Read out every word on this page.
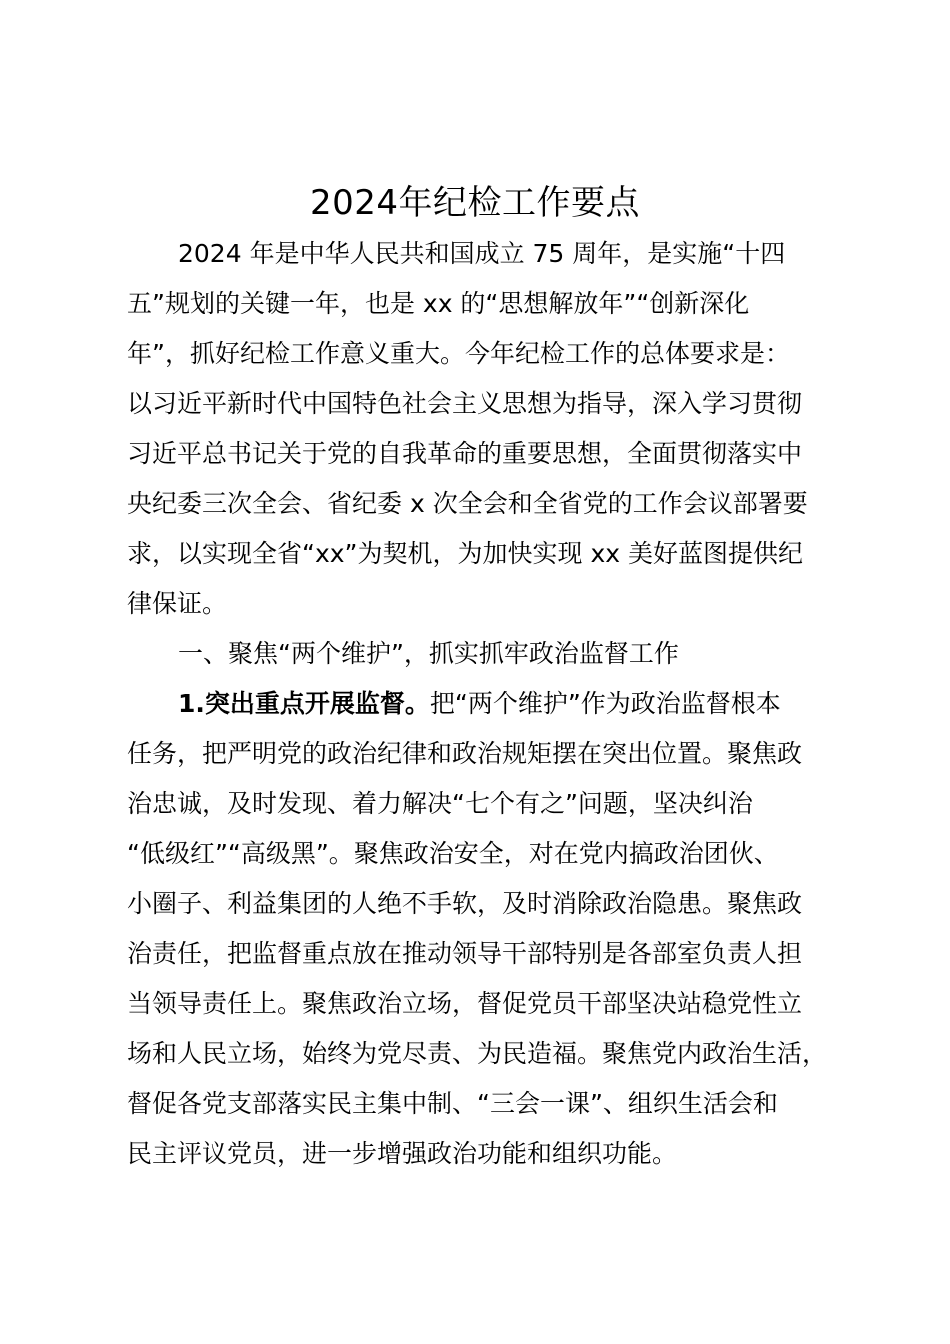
2024年纪检工作要点
2024 年是中华人民共和国成立 75 周年，是实施“十四
五”规划的关键一年，也是 xx 的“思想解放年”“创新深化
年”，抓好纪检工作意义重大。今年纪检工作的总体要求是：
以习近平新时代中国特色社会主义思想为指导，深入学习贯彻
习近平总书记关于党的自我革命的重要思想，全面贯彻落实中
央纪委三次全会、省纪委 x 次全会和全省党的工作会议部署要
求，以实现全省“xx”为契机，为加快实现 xx 美好蓝图提供纪
律保证。
一、聚焦“两个维护”，抓实抓牢政治监督工作
1.突出重点开展监督。把“两个维护”作为政治监督根本
任务，把严明党的政治纪律和政治规矩摆在突出位置。聚焦政
治忠诚，及时发现、着力解决“七个有之”问题，坚决纠治
“低级红”“高级黑”。聚焦政治安全，对在党内搞政治团伙、
小圈子、利益集团的人绝不手软，及时消除政治隐患。聚焦政
治责任，把监督重点放在推动领导干部特别是各部室负责人担
当领导责任上。聚焦政治立场，督促党员干部坚决站稳党性立
场和人民立场，始终为党尽责、为民造福。聚焦党内政治生活，
督促各党支部落实民主集中制、“三会一课”、组织生活会和
民主评议党员，进一步增强政治功能和组织功能。
